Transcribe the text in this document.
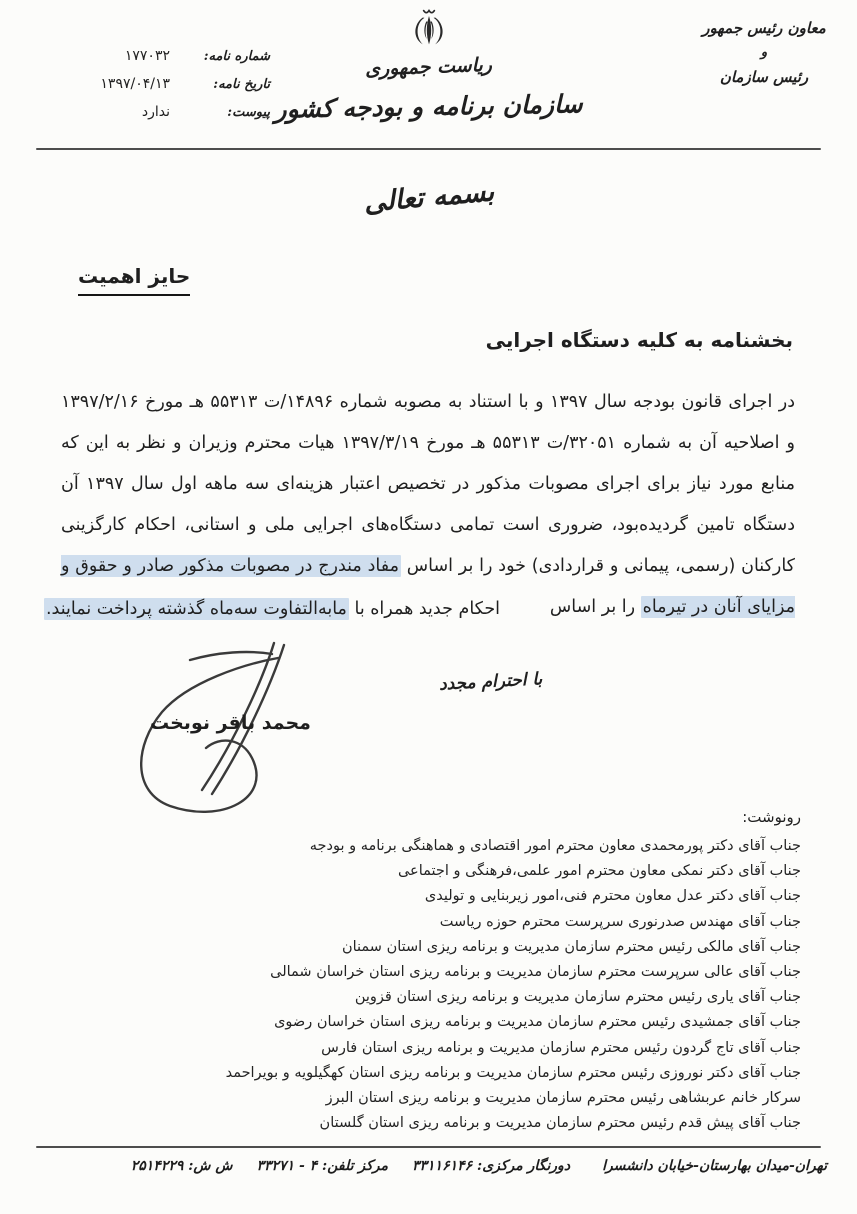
معاون رئیس جمهور
و
رئیس سازمان
ریاست جمهوری
سازمان برنامه و بودجه کشور
شماره نامه:
۱۷۷۰۳۲
تاریخ نامه:
۱۳۹۷/۰۴/۱۳
پیوست:
ندارد
بسمه تعالی
حایز اهمیت
بخشنامه به کلیه دستگاه اجرایی
در اجرای قانون بودجه سال ۱۳۹۷ و با استناد به مصوبه شماره ۱۴۸۹۶/ت ۵۵۳۱۳ هـ مورخ ۱۳۹۷/۲/۱۶ و اصلاحیه آن به شماره ۳۲۰۵۱/ت ۵۵۳۱۳ هـ مورخ ۱۳۹۷/۳/۱۹ هیات محترم وزیران و نظر به این که منابع مورد نیاز برای اجرای مصوبات مذکور در تخصیص اعتبار هزینه‌ای سه ماهه اول سال ۱۳۹۷ آن دستگاه تامین گردیده‌بود، ضروری است تمامی دستگاه‌های اجرایی ملی و استانی، احکام کارگزینی کارکنان (رسمی، پیمانی و قراردادی) خود را بر اساس مفاد مندرج در مصوبات مذکور صادر و حقوق و مزایای آنان در تیرماه را بر اساس
احکام جدید همراه با مابه‌التفاوت سه‌ماه گذشته پرداخت نمایند.
با احترام مجدد
محمد باقر نوبخت
رونوشت:
جناب آقای دکتر پورمحمدی معاون محترم امور اقتصادی و هماهنگی برنامه و بودجه
جناب آقای دکتر نمکی معاون محترم امور علمی،فرهنگی و اجتماعی
جناب آقای دکتر عدل معاون محترم فنی،امور زیربنایی و تولیدی
جناب آقای مهندس صدرنوری سرپرست محترم حوزه ریاست
جناب آقای مالکی رئیس محترم سازمان مدیریت و برنامه ریزی استان سمنان
جناب آقای عالی سرپرست محترم سازمان مدیریت و برنامه ریزی استان خراسان شمالی
جناب آقای یاری رئیس محترم سازمان مدیریت و برنامه ریزی استان قزوین
جناب آقای جمشیدی رئیس محترم سازمان مدیریت و برنامه ریزی استان خراسان رضوی
جناب آقای تاج گردون رئیس محترم سازمان مدیریت و برنامه ریزی استان فارس
جناب آقای دکتر نوروزی رئیس محترم سازمان مدیریت و برنامه ریزی استان کهگیلویه و بویراحمد
سرکار خانم عربشاهی رئیس محترم سازمان مدیریت و برنامه ریزی استان البرز
جناب آقای پیش قدم رئیس محترم سازمان مدیریت و برنامه ریزی استان گلستان
تهران-میدان بهارستان-خیابان دانشسرا
دورنگار مرکزی: ۳۳۱۱۶۱۴۶
مرکز تلفن: ۴ - ۳۳۲۷۱
ش ش: ۲۵۱۴۲۲۹
